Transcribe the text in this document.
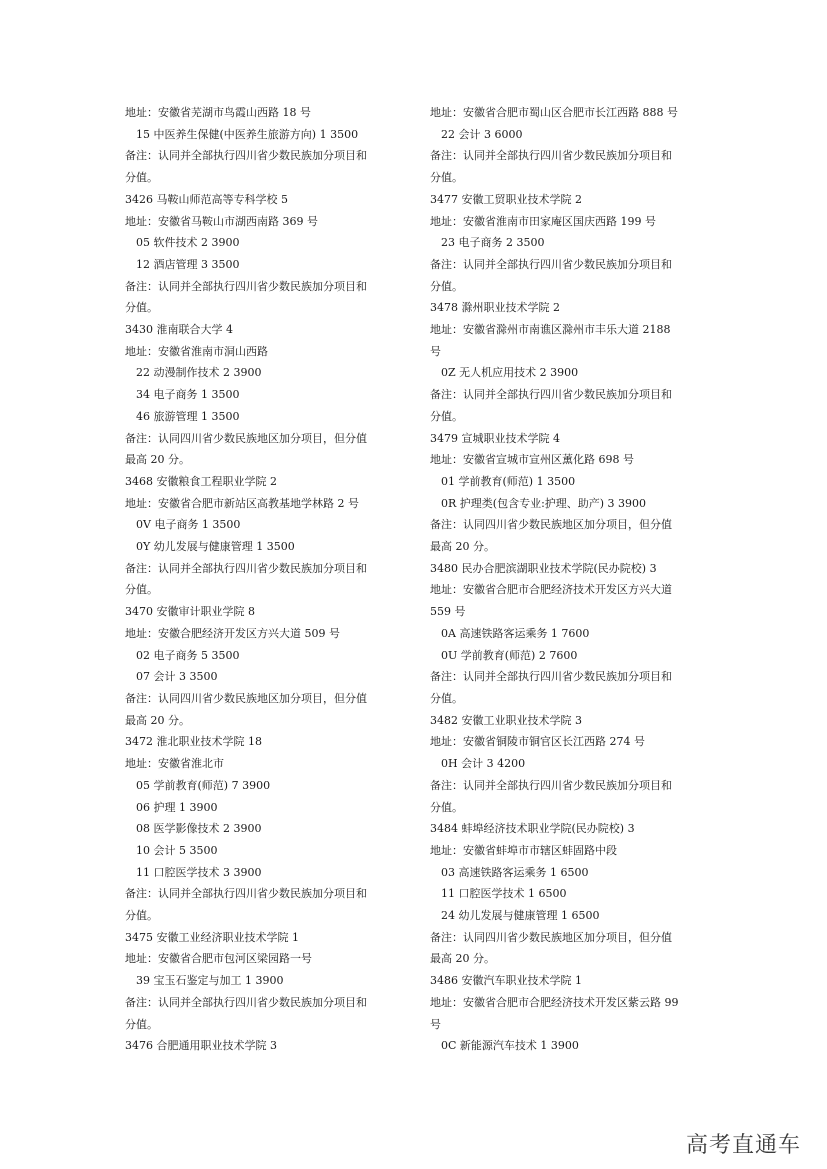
地址：安徽省芜湖市鸟霞山西路 18 号
15 中医养生保健(中医养生旅游方向) 1 3500
备注：认同并全部执行四川省少数民族加分项目和
分值。
3426 马鞍山师范高等专科学校 5
地址：安徽省马鞍山市湖西南路 369 号
05 软件技术 2 3900
12 酒店管理 3 3500
备注：认同并全部执行四川省少数民族加分项目和
分值。
3430 淮南联合大学 4
地址：安徽省淮南市洞山西路
22 动漫制作技术 2 3900
34 电子商务 1 3500
46 旅游管理 1 3500
备注：认同四川省少数民族地区加分项目，但分值
最高 20 分。
3468 安徽粮食工程职业学院 2
地址：安徽省合肥市新站区高教基地学林路 2 号
0V 电子商务 1 3500
0Y 幼儿发展与健康管理 1 3500
备注：认同并全部执行四川省少数民族加分项目和
分值。
3470 安徽审计职业学院 8
地址：安徽合肥经济开发区方兴大道 509 号
02 电子商务 5 3500
07 会计 3 3500
备注：认同四川省少数民族地区加分项目，但分值
最高 20 分。
3472 淮北职业技术学院 18
地址：安徽省淮北市
05 学前教育(师范) 7 3900
06 护理 1 3900
08 医学影像技术 2 3900
10 会计 5 3500
11 口腔医学技术 3 3900
备注：认同并全部执行四川省少数民族加分项目和
分值。
3475 安徽工业经济职业技术学院 1
地址：安徽省合肥市包河区梁园路一号
39 宝玉石鉴定与加工 1 3900
备注：认同并全部执行四川省少数民族加分项目和
分值。
3476 合肥通用职业技术学院 3
地址：安徽省合肥市蜀山区合肥市长江西路 888 号
22 会计 3 6000
备注：认同并全部执行四川省少数民族加分项目和
分值。
3477 安徽工贸职业技术学院 2
地址：安徽省淮南市田家庵区国庆西路 199 号
23 电子商务 2 3500
备注：认同并全部执行四川省少数民族加分项目和
分值。
3478 滁州职业技术学院 2
地址：安徽省滁州市南谯区滁州市丰乐大道 2188
号
0Z 无人机应用技术 2 3900
备注：认同并全部执行四川省少数民族加分项目和
分值。
3479 宣城职业技术学院 4
地址：安徽省宣城市宣州区薰化路 698 号
01 学前教育(师范) 1 3500
0R 护理类(包含专业:护理、助产) 3 3900
备注：认同四川省少数民族地区加分项目，但分值
最高 20 分。
3480 民办合肥滨湖职业技术学院(民办院校) 3
地址：安徽省合肥市合肥经济技术开发区方兴大道
559 号
0A 高速铁路客运乘务 1 7600
0U 学前教育(师范) 2 7600
备注：认同并全部执行四川省少数民族加分项目和
分值。
3482 安徽工业职业技术学院 3
地址：安徽省铜陵市铜官区长江西路 274 号
0H 会计 3 4200
备注：认同并全部执行四川省少数民族加分项目和
分值。
3484 蚌埠经济技术职业学院(民办院校) 3
地址：安徽省蚌埠市市辖区蚌固路中段
03 高速铁路客运乘务 1 6500
11 口腔医学技术 1 6500
24 幼儿发展与健康管理 1 6500
备注：认同四川省少数民族地区加分项目，但分值
最高 20 分。
3486 安徽汽车职业技术学院 1
地址：安徽省合肥市合肥经济技术开发区紫云路 99
号
0C 新能源汽车技术 1 3900
高考直通车
